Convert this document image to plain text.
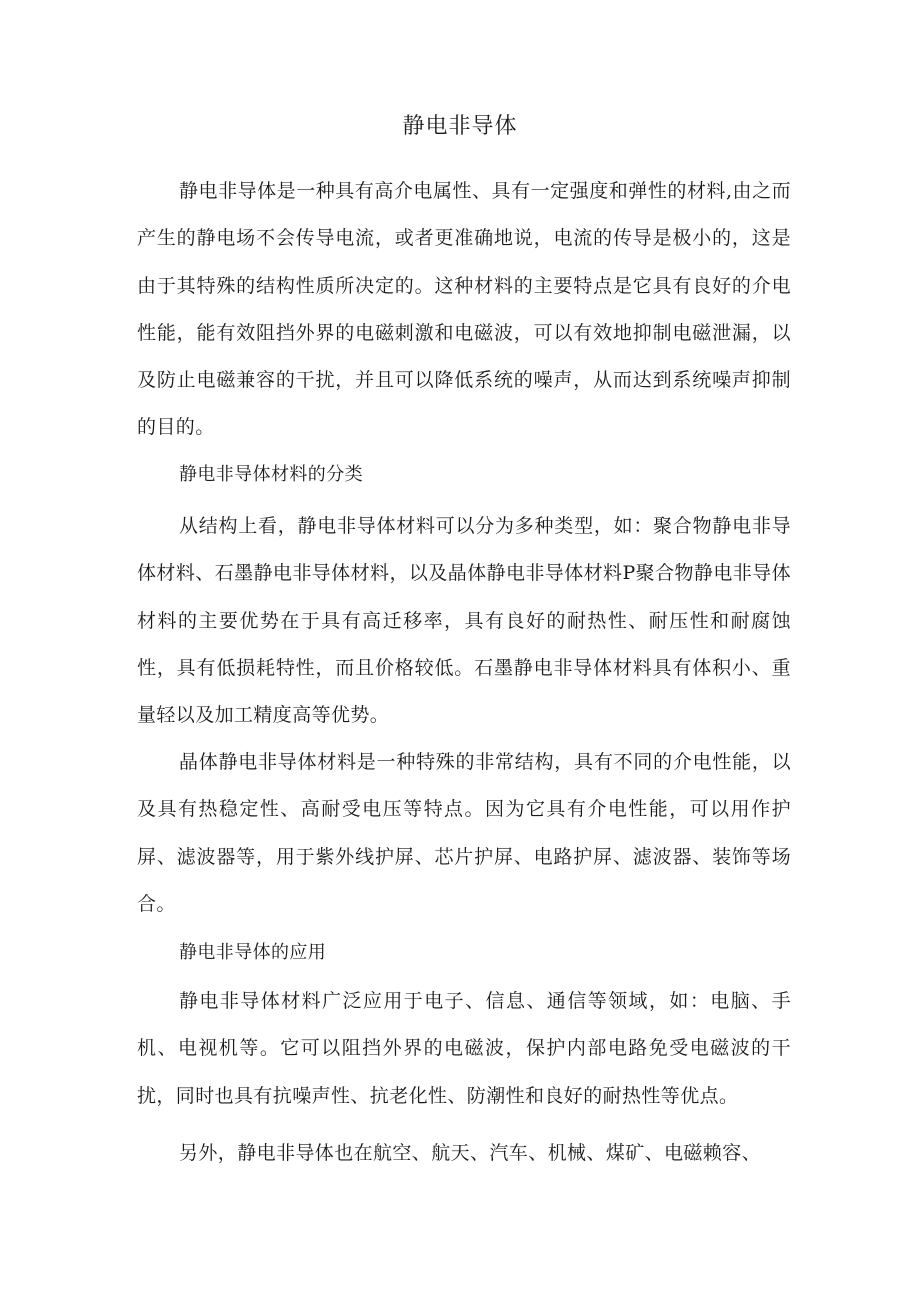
静电非导体

静电非导体是一种具有高介电属性、具有一定强度和弹性的材料,由之而产生的静电场不会传导电流，或者更准确地说，电流的传导是极小的，这是由于其特殊的结构性质所决定的。这种材料的主要特点是它具有良好的介电性能，能有效阻挡外界的电磁刺激和电磁波，可以有效地抑制电磁泄漏，以及防止电磁兼容的干扰，并且可以降低系统的噪声，从而达到系统噪声抑制的目的。

静电非导体材料的分类

从结构上看，静电非导体材料可以分为多种类型，如：聚合物静电非导体材料、石墨静电非导体材料，以及晶体静电非导体材料P聚合物静电非导体材料的主要优势在于具有高迁移率，具有良好的耐热性、耐压性和耐腐蚀性，具有低损耗特性，而且价格较低。石墨静电非导体材料具有体积小、重量轻以及加工精度高等优势。

晶体静电非导体材料是一种特殊的非常结构，具有不同的介电性能，以及具有热稳定性、高耐受电压等特点。因为它具有介电性能，可以用作护屏、滤波器等，用于紫外线护屏、芯片护屏、电路护屏、滤波器、装饰等场合。

静电非导体的应用

静电非导体材料广泛应用于电子、信息、通信等领域，如：电脑、手机、电视机等。它可以阻挡外界的电磁波，保护内部电路免受电磁波的干扰，同时也具有抗噪声性、抗老化性、防潮性和良好的耐热性等优点。

另外，静电非导体也在航空、航天、汽车、机械、煤矿、电磁赖容、
